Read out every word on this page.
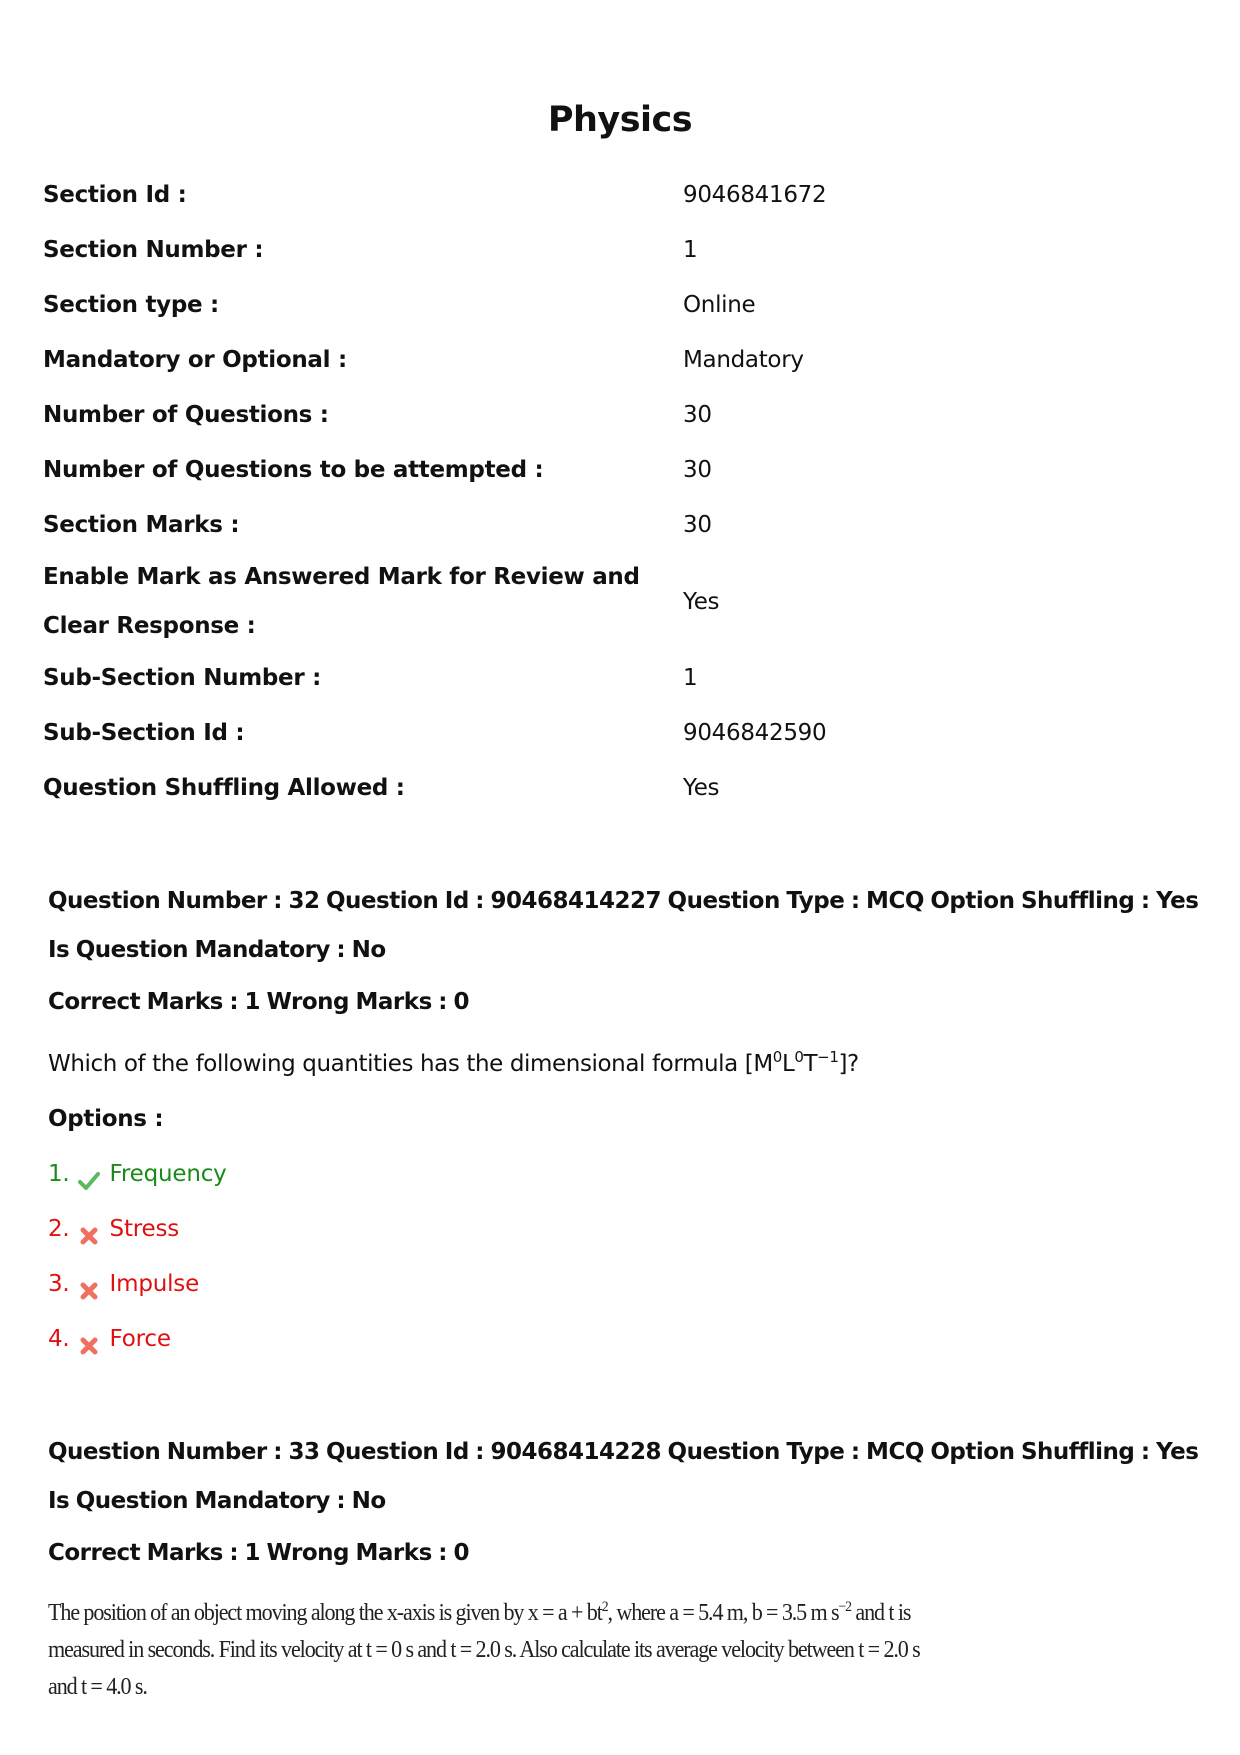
Physics
Section Id :	9046841672
Section Number :	1
Section type :	Online
Mandatory or Optional :	Mandatory
Number of Questions :	30
Number of Questions to be attempted :	30
Section Marks :	30
Enable Mark as Answered Mark for Review and
Clear Response :
Yes
Sub-Section Number :	1
Sub-Section Id :	9046842590
Question Shuffling Allowed :	Yes
Question Number : 32 Question Id : 90468414227 Question Type : MCQ Option Shuffling : Yes
Is Question Mandatory : No
Correct Marks : 1 Wrong Marks : 0
Which of the following quantities has the dimensional formula $[M^0L^0T^{-1}]$?
Options :
1. Frequency
2. Stress
3. Impulse
4. Force
Question Number : 33 Question Id : 90468414228 Question Type : MCQ Option Shuffling : Yes
Is Question Mandatory : No
Correct Marks : 1 Wrong Marks : 0
The position of an object moving along the x-axis is given by $x = a + bt^2$, where a = 5.4 m, b = 3.5 m $s^{-2}$ and t is
measured in seconds. Find its velocity at t = 0 s and t = 2.0 s. Also calculate its average velocity between t = 2.0 s
and t = 4.0 s.
